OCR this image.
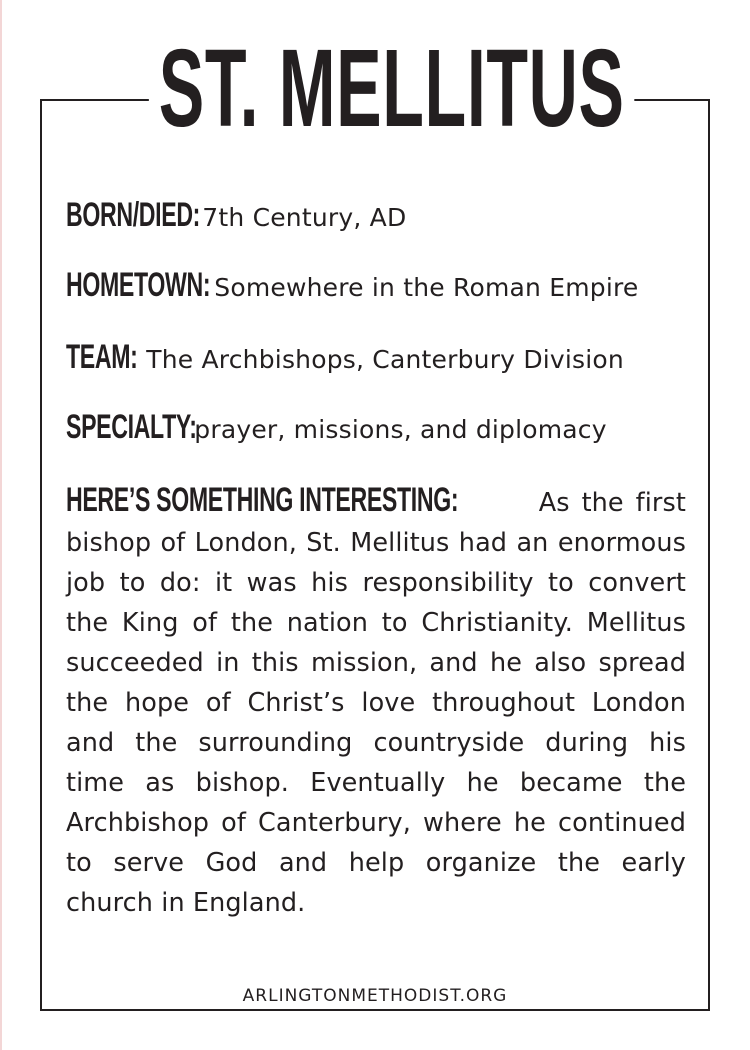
ST. MELLITUS
BORN/DIED: 7th Century, AD
HOMETOWN: Somewhere in the Roman Empire
TEAM: The Archbishops, Canterbury Division
SPECIALTY: prayer, missions, and diplomacy
HERE’S SOMETHING INTERESTING:	As the first bishop of London, St. Mellitus had an enormous job to do: it was his responsibility to convert the King of the nation to Christianity. Mellitus succeeded in this mission, and he also spread the hope of Christ’s love throughout London and the surrounding countryside during his time as bishop. Eventually he became the Archbishop of Canterbury, where he continued to serve God and help organize the early church in England.
ARLINGTONMETHODIST.ORG
